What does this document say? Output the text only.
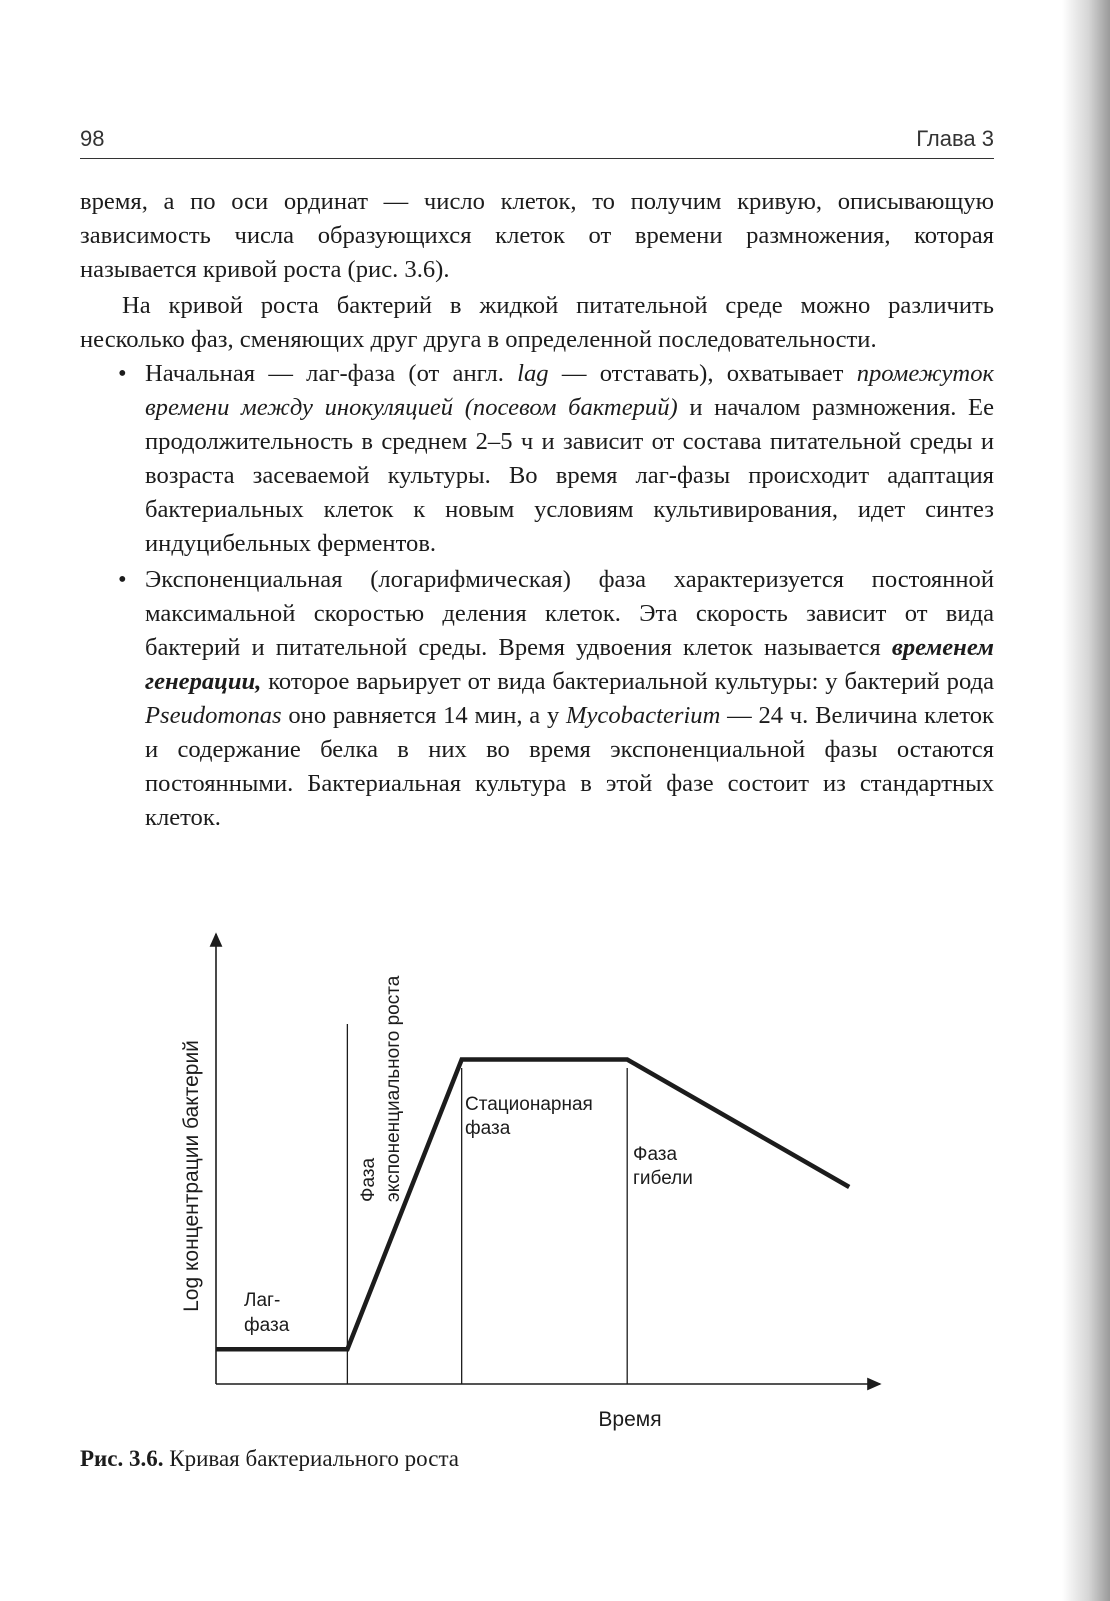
98	Глава 3

время, а по оси ординат — число клеток, то получим кривую, описывающую зависимость числа образующихся клеток от времени размножения, которая называется кривой роста (рис. 3.6).

На кривой роста бактерий в жидкой питательной среде можно различить несколько фаз, сменяющих друг друга в определенной последовательности.

• Начальная — лаг-фаза (от англ. lag — отставать), охватывает промежуток времени между инокуляцией (посевом бактерий) и началом размножения. Ее продолжительность в среднем 2–5 ч и зависит от состава питательной среды и возраста засеваемой культуры. Во время лаг-фазы происходит адаптация бактериальных клеток к новым условиям культивирования, идет синтез индуцибельных ферментов.
• Экспоненциальная (логарифмическая) фаза характеризуется постоянной максимальной скоростью деления клеток. Эта скорость зависит от вида бактерий и питательной среды. Время удвоения клеток называется временем генерации, которое варьирует от вида бактериальной культуры: у бактерий рода Pseudomonas оно равняется 14 мин, а у Mycobacterium — 24 ч. Величина клеток и содержание белка в них во время экспоненциальной фазы остаются постоянными. Бактериальная культура в этой фазе состоит из стандартных клеток.
Log концентрации бактерий
Время
Лаг-
фаза
Фаза экспоненциального роста	Стационарная
фаза
Фаза
гибели
Рис. 3.6. Кривая бактериального роста
